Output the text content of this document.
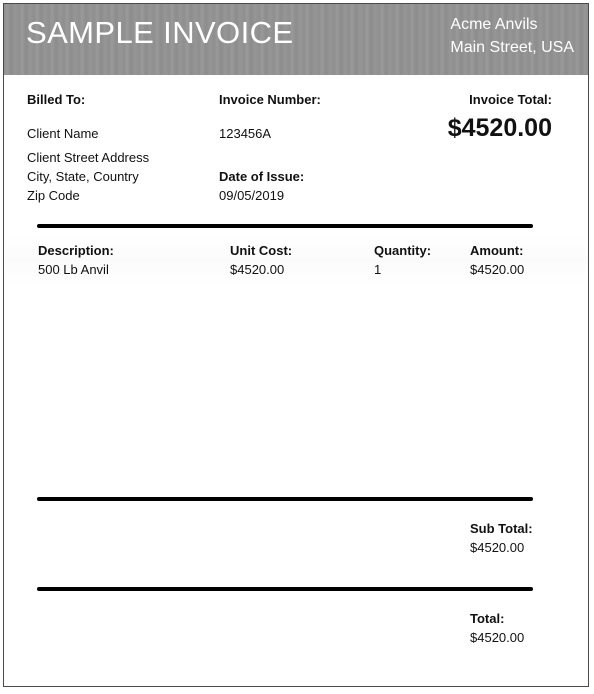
SAMPLE INVOICE	Acme Anvils
Main Street, USA
Billed To:
Client Name
Client Street Address
City, State, Country
Zip Code
Invoice Number:
123456A
Date of Issue:
09/05/2019
Invoice Total:
$4520.00
Description:	Unit Cost:	Quantity:	Amount:
500 Lb Anvil	$4520.00	1	$4520.00
Sub Total:
$4520.00
Total:
$4520.00
